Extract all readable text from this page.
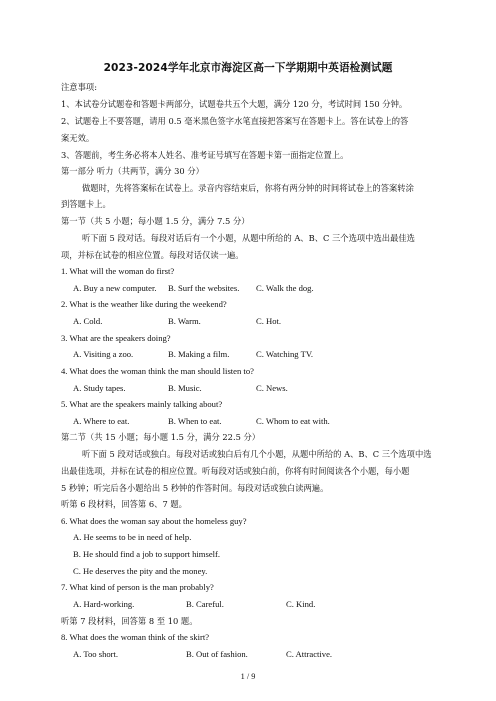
2023-2024学年北京市海淀区高一下学期期中英语检测试题
注意事项:
1、本试卷分试题卷和答题卡两部分，试题卷共五个大题，满分 120 分，考试时间 150 分钟。
2、试题卷上不要答题，请用 0.5 毫米黑色签字水笔直接把答案写在答题卡上。答在试卷上的答
案无效。
3、答题前，考生务必将本人姓名、准考证号填写在答题卡第一面指定位置上。
第一部分 听力（共两节，满分 30 分）
做题时，先将答案标在试卷上。录音内容结束后，你将有两分钟的时间将试卷上的答案转涂
到答题卡上。
第一节（共 5 小题；每小题 1.5 分，满分 7.5 分）
听下面 5 段对话。每段对话后有一个小题，从题中所给的 A、B、C 三个选项中选出最佳选
项，并标在试卷的相应位置。每段对话仅读一遍。
1. What will the woman do first?
A. Buy a new computer. B. Surf the websites. C. Walk the dog.
2. What is the weather like during the weekend?
A. Cold.	B. Warm.	C. Hot.
3. What are the speakers doing?
A. Visiting a zoo.	B. Making a film.	C. Watching TV.
4. What does the woman think the man should listen to?
A. Study tapes.	B. Music.	C. News.
5. What are the speakers mainly talking about?
A. Where to eat.	B. When to eat.	C. Whom to eat with.
第二节（共 15 小题；每小题 1.5 分，满分 22.5 分）
听下面 5 段对话或独白。每段对话或独白后有几个小题，从题中所给的 A、B、C 三个选项中选
出最佳选项，并标在试卷的相应位置。听每段对话或独白前，你将有时间阅读各个小题，每小题
5 秒钟；听完后各小题给出 5 秒钟的作答时间。每段对话或独白读两遍。
听第 6 段材料，回答第 6、7 题。
6. What does the woman say about the homeless guy?
A. He seems to be in need of help.
B. He should find a job to support himself.
C. He deserves the pity and the money.
7. What kind of person is the man probably?
A. Hard-working.	B. Careful.	C. Kind.
听第 7 段材料，回答第 8 至 10 题。
8. What does the woman think of the skirt?
A. Too short.	B. Out of fashion.	C. Attractive.
1 / 9
